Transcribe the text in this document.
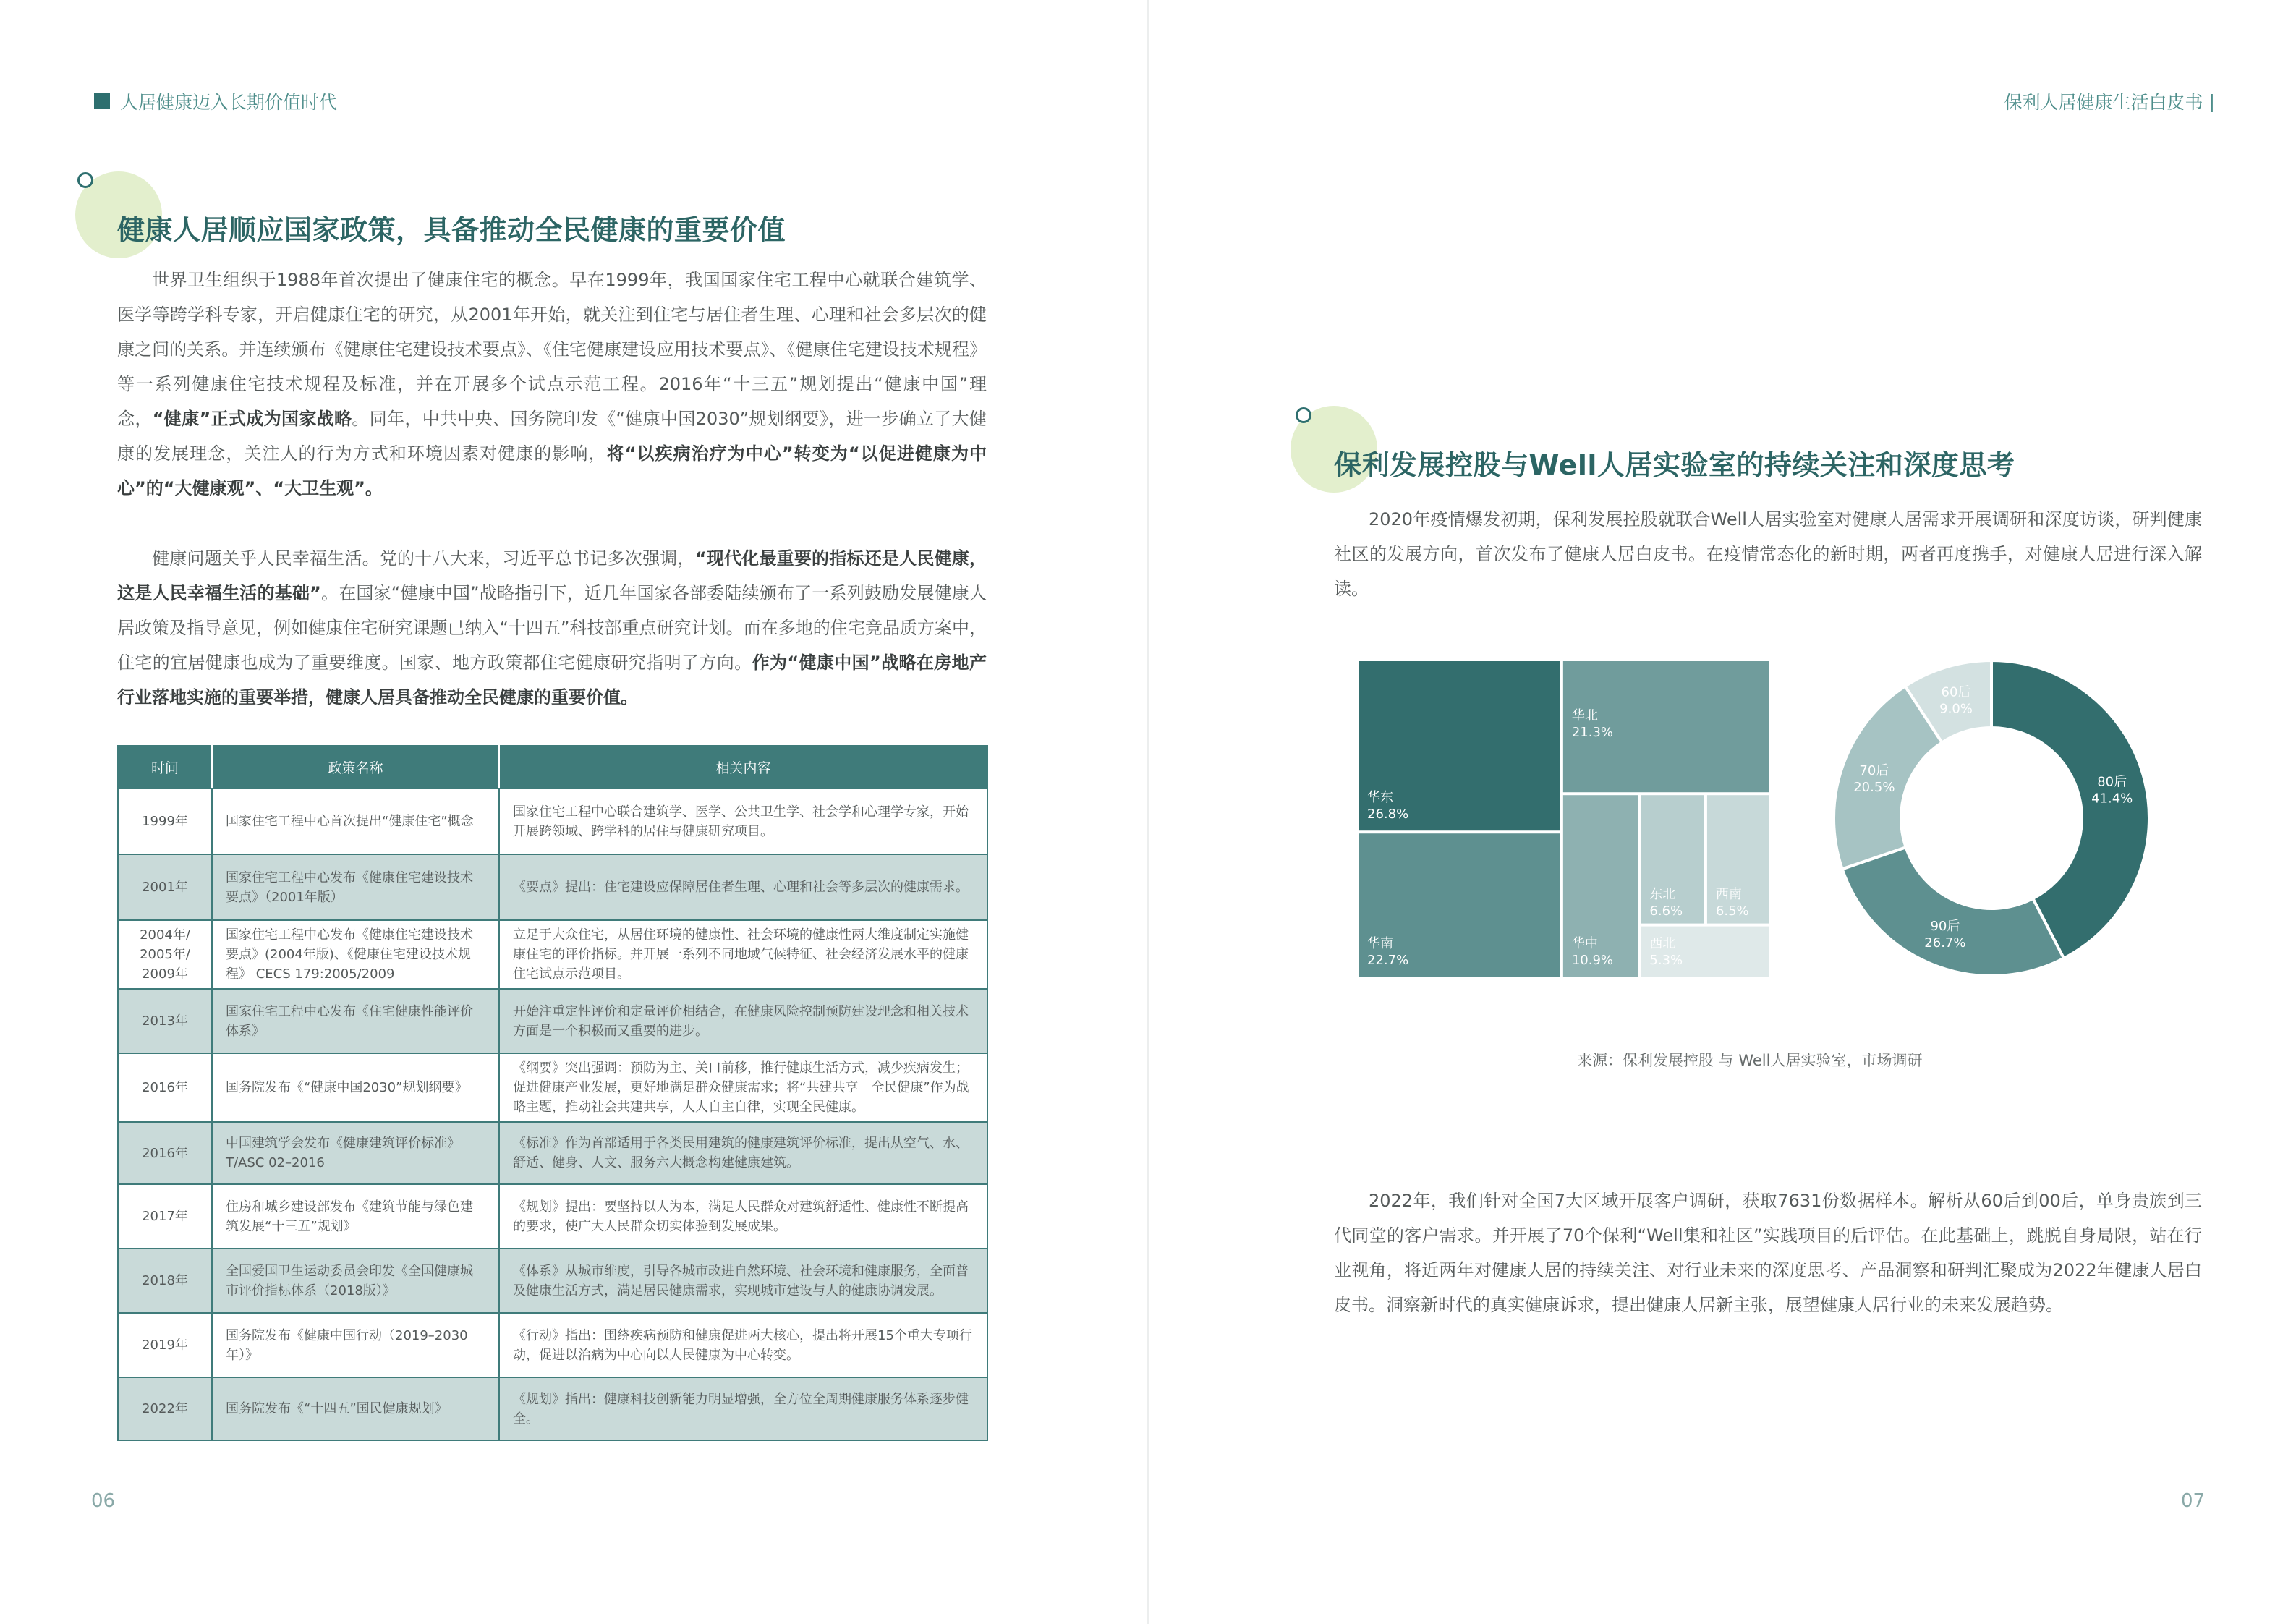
人居健康迈入长期价值时代
健康人居顺应国家政策，具备推动全民健康的重要价值

世界卫生组织于1988年首次提出了健康住宅的概念。早在1999年，我国国家住宅工程中心就联合建筑学、医学等跨学科专家，开启健康住宅的研究，从2001年开始，就关注到住宅与居住者生理、心理和社会多层次的健康之间的关系。并连续颁布《健康住宅建设技术要点》、《住宅健康建设应用技术要点》、《健康住宅建设技术规程》等一系列健康住宅技术规程及标准，并在开展多个试点示范工程。2016年“十三五”规划提出“健康中国”理念，“健康”正式成为国家战略。同年，中共中央、国务院印发《“健康中国2030”规划纲要》，进一步确立了大健康的发展理念，关注人的行为方式和环境因素对健康的影响，将“以疾病治疗为中心”转变为“以促进健康为中心”的“大健康观”、“大卫生观”。

健康问题关乎人民幸福生活。党的十八大来，习近平总书记多次强调，“现代化最重要的指标还是人民健康，这是人民幸福生活的基础”。在国家“健康中国”战略指引下，近几年国家各部委陆续颁布了一系列鼓励发展健康人居政策及指导意见，例如健康住宅研究课题已纳入“十四五”科技部重点研究计划。而在多地的住宅竞品质方案中，住宅的宜居健康也成为了重要维度。国家、地方政策都住宅健康研究指明了方向。作为“健康中国”战略在房地产行业落地实施的重要举措，健康人居具备推动全民健康的重要价值。

时间	政策名称	相关内容
1999年	国家住宅工程中心首次提出“健康住宅”概念	国家住宅工程中心联合建筑学、医学、公共卫生学、社会学和心理学专家，开始开展跨领域、跨学科的居住与健康研究项目。
2001年	国家住宅工程中心发布《健康住宅建设技术要点》（2001年版）	《要点》提出：住宅建设应保障居住者生理、心理和社会等多层次的健康需求。
2004年/
2005年/
2009年	国家住宅工程中心发布《健康住宅建设技术要点》(2004年版)、《健康住宅建设技术规程》 CECS 179:2005/2009	立足于大众住宅，从居住环境的健康性、社会环境的健康性两大维度制定实施健康住宅的评价指标。并开展一系列不同地域气候特征、社会经济发展水平的健康住宅试点示范项目。
2013年	国家住宅工程中心发布《住宅健康性能评价体系》	开始注重定性评价和定量评价相结合，在健康风险控制预防建设理念和相关技术方面是一个积极而又重要的进步。
2016年	国务院发布《“健康中国2030”规划纲要》	《纲要》突出强调：预防为主、关口前移，推行健康生活方式，减少疾病发生；促进健康产业发展，更好地满足群众健康需求；将“共建共享　全民健康”作为战略主题，推动社会共建共享，人人自主自律，实现全民健康。
2016年	中国建筑学会发布《健康建筑评价标准》T/ASC 02–2016	《标准》作为首部适用于各类民用建筑的健康建筑评价标准，提出从空气、水、舒适、健身、人文、服务六大概念构建健康建筑。
2017年	住房和城乡建设部发布《建筑节能与绿色建筑发展“十三五”规划》	《规划》提出：要坚持以人为本，满足人民群众对建筑舒适性、健康性不断提高的要求，使广大人民群众切实体验到发展成果。
2018年	全国爱国卫生运动委员会印发《全国健康城市评价指标体系（2018版）》	《体系》从城市维度，引导各城市改进自然环境、社会环境和健康服务，全面普及健康生活方式，满足居民健康需求，实现城市建设与人的健康协调发展。
2019年	国务院发布《健康中国行动（2019–2030年）》	《行动》指出：围绕疾病预防和健康促进两大核心，提出将开展15个重大专项行动，促进以治病为中心向以人民健康为中心转变。
2022年	国务院发布《“十四五”国民健康规划》	《规划》指出：健康科技创新能力明显增强，全方位全周期健康服务体系逐步健全。
06
保利人居健康生活白皮书 |
保利发展控股与Well人居实验室的持续关注和深度思考

2020年疫情爆发初期，保利发展控股就联合Well人居实验室对健康人居需求开展调研和深度访谈，研判健康社区的发展方向，首次发布了健康人居白皮书。在疫情常态化的新时期，两者再度携手，对健康人居进行深入解读。

华东
26.8%
华南
22.7%
华北
21.3%
华中
10.9%
东北
6.6%
西南
6.5%
西北
5.3%
80后
41.4%
90后
26.7%
70后
20.5%
60后
9.0%
来源：保利发展控股 与 Well人居实验室，市场调研

2022年，我们针对全国7大区域开展客户调研，获取7631份数据样本。解析从60后到00后，单身贵族到三代同堂的客户需求。并开展了70个保利“Well集和社区”实践项目的后评估。在此基础上，跳脱自身局限，站在行业视角，将近两年对健康人居的持续关注、对行业未来的深度思考、产品洞察和研判汇聚成为2022年健康人居白皮书。洞察新时代的真实健康诉求，提出健康人居新主张，展望健康人居行业的未来发展趋势。

07
